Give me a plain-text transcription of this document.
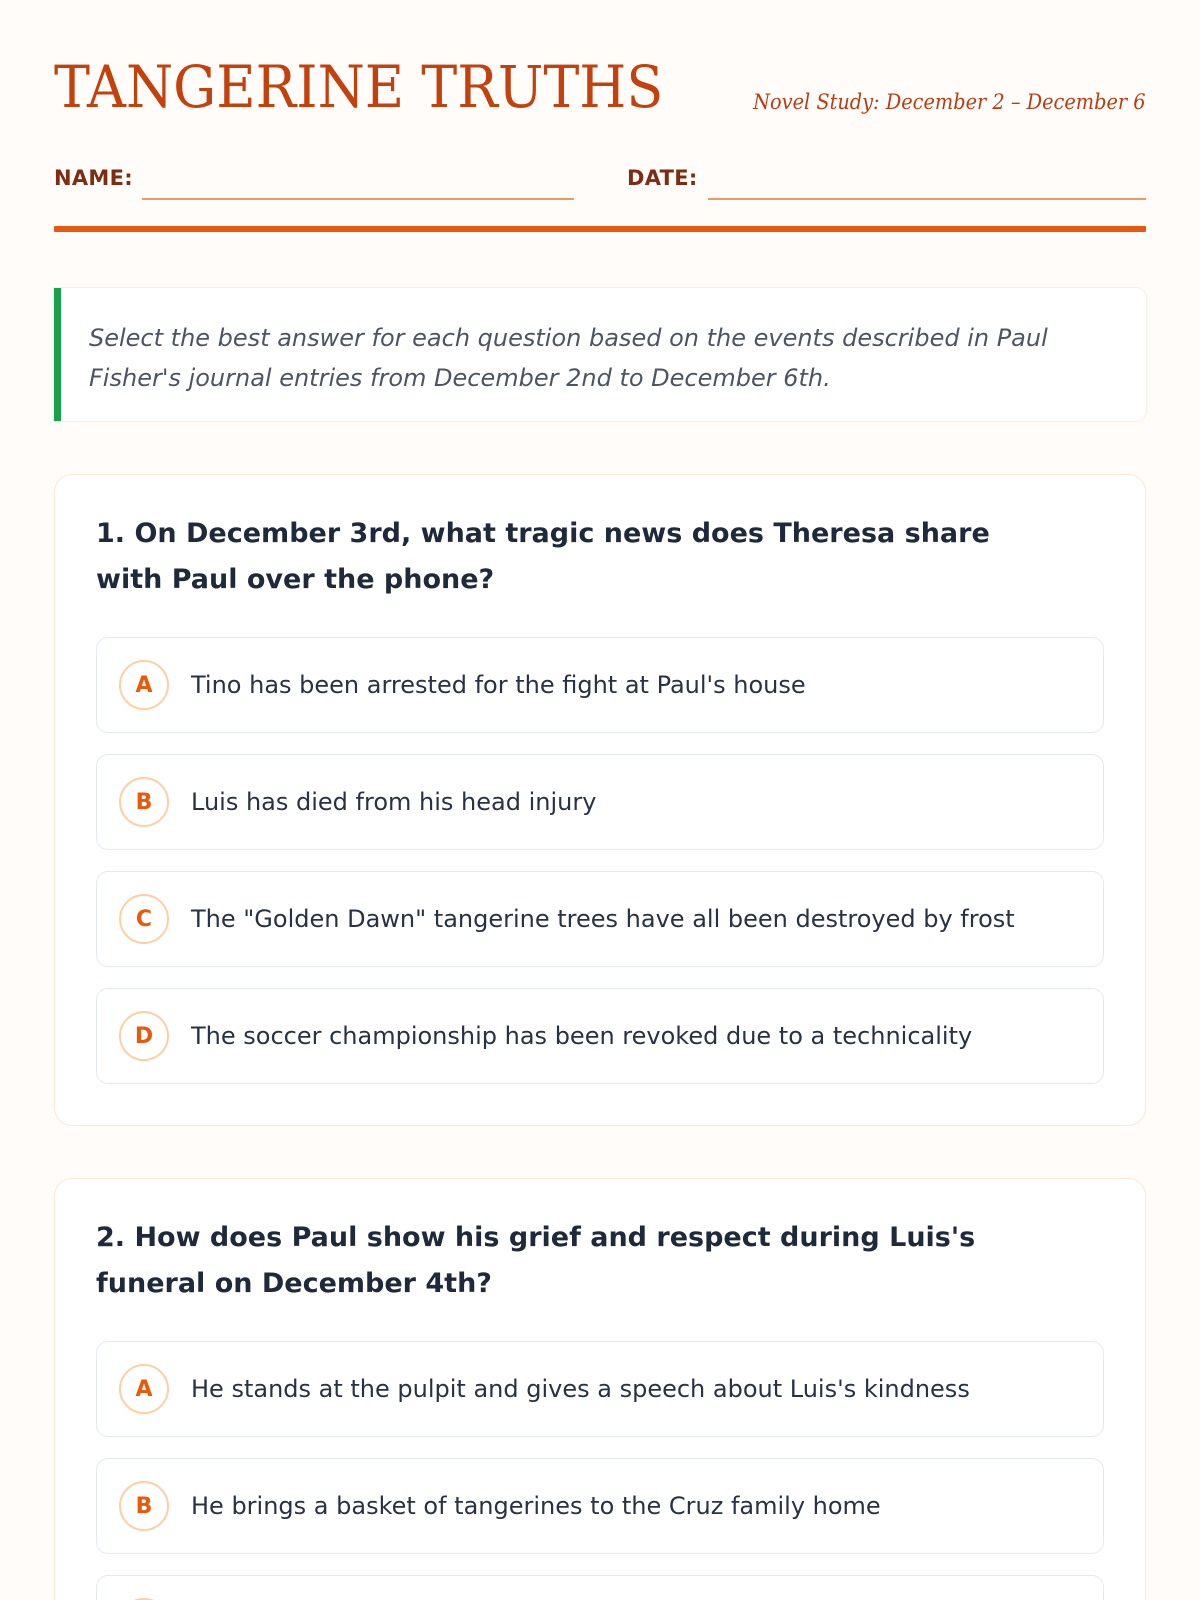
TANGERINE TRUTHS	Novel Study: December 2 – December 6
NAME:	DATE:

Select the best answer for each question based on the events described in Paul Fisher's journal entries from December 2nd to December 6th.

1. On December 3rd, what tragic news does Theresa share with Paul over the phone?
A	Tino has been arrested for the fight at Paul's house
B	Luis has died from his head injury
C	The "Golden Dawn" tangerine trees have all been destroyed by frost
D	The soccer championship has been revoked due to a technicality
2. How does Paul show his grief and respect during Luis's funeral on December 4th?
A	He stands at the pulpit and gives a speech about Luis's kindness
B	He brings a basket of tangerines to the Cruz family home
